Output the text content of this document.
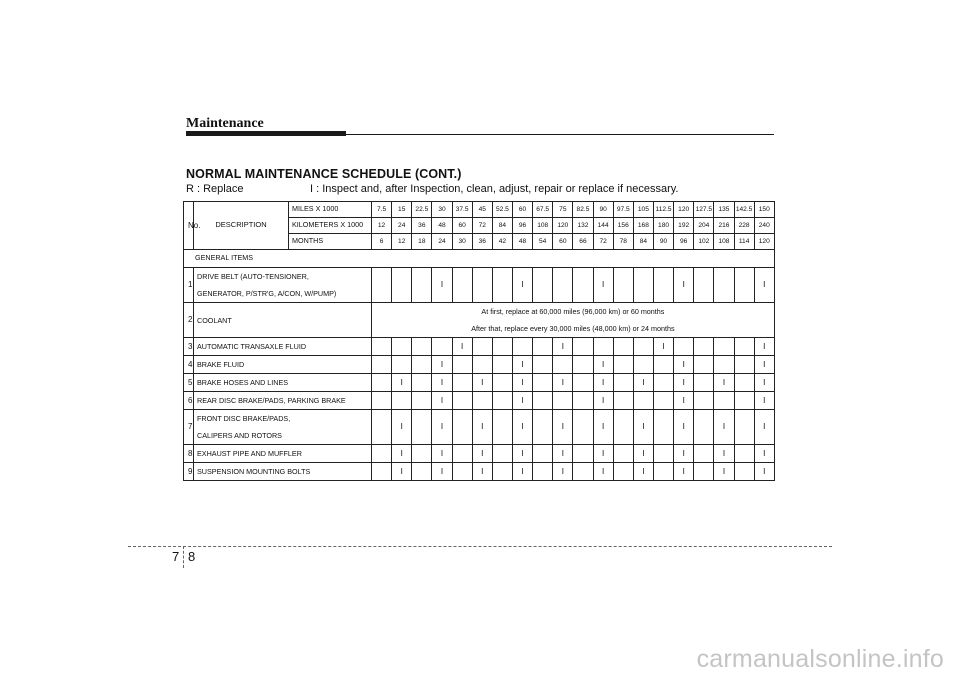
Maintenance
NORMAL MAINTENANCE SCHEDULE (CONT.)
R : Replace	I : Inspect and, after Inspection, clean, adjust, repair or replace if necessary.
No.	DESCRIPTION	MILES X 1000	7.5	15	22.5	30	37.5	45	52.5	60	67.5	75	82.5	90	97.5	105	112.5	120	127.5	135	142.5	150
		KILOMETERS X 1000	12	24	36	48	60	72	84	96	108	120	132	144	156	168	180	192	204	216	228	240
		MONTHS	6	12	18	24	30	36	42	48	54	60	66	72	78	84	90	96	102	108	114	120
GENERAL ITEMS																						
1	DRIVE BELT (AUTO-TENSIONER,
GENERATOR, P/STR'G, A/CON, W/PUMP)					I				I				I				I				I
2	COOLANT		At first, replace at 60,000 miles (96,000 km) or 60 months
After that, replace every 30,000 miles (48,000 km) or 24 months																			

3	AUTOMATIC TRANSAXLE FLUID						I					I					I					I
4	BRAKE FLUID					I				I				I				I				I
5	BRAKE HOSES AND LINES			I		I		I		I		I		I		I		I		I		I
6	REAR DISC BRAKE/PADS, PARKING BRAKE					I				I				I				I				I
7	FRONT DISC BRAKE/PADS,
CALIPERS AND ROTORS			I		I		I		I		I		I		I		I		I		I
8	EXHAUST PIPE AND MUFFLER			I		I		I		I		I		I		I		I		I		I
9	SUSPENSION MOUNTING BOLTS			I		I		I		I		I		I		I		I		I		I
7 8
carmanualsonline.info
